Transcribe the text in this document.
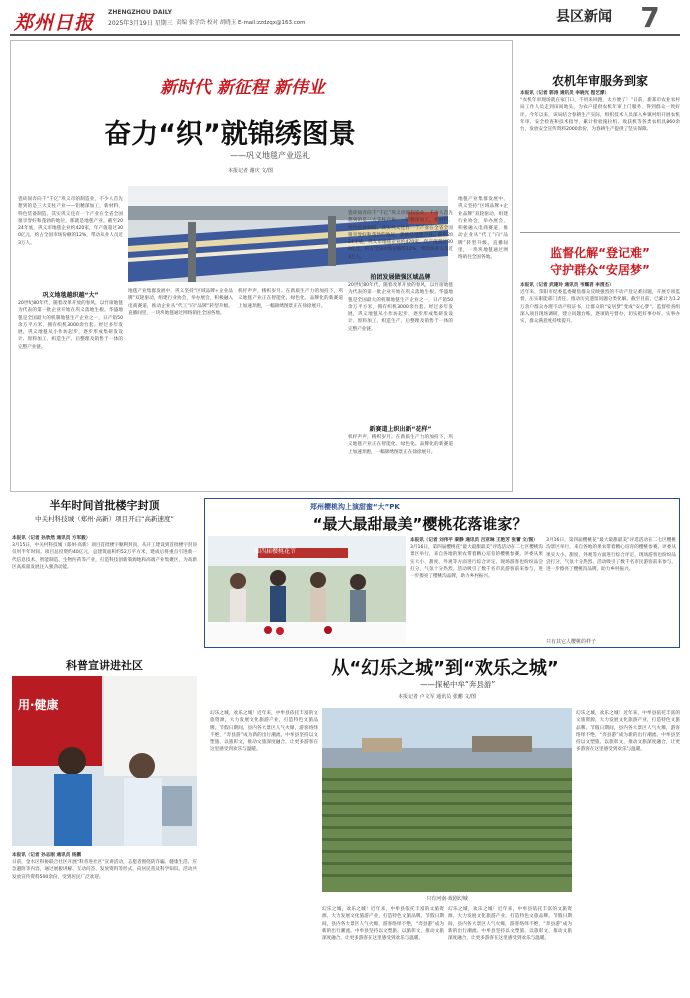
郑州日报 ZHENGZHOU DAILY
2025年3月19日 星期三 责编 张学岱 校对 胡晓玉 E-mail:zzdzqx@163.com	县区新闻	7
新时代 新征程 新伟业
奋力“织”就锦绣图景
——巩义地毯产业巡礼
本报记者 谢庆 文/图
瓷砖间奔向千“千亿”巩义市的制造业，不少人首先想到的是三大支柱产业——铝精深加工，新材料，特色装备制造。其实巩义还有一个产业在全省全国很享誉好和蓬勃的地位，那就是地毯产业。截至2024年底，巩义市地毯企业约420家，年产值超过300亿元，约占全国市场份额的12%，带动从业人员近3万人。
巩义地毯越织越“大”
20世纪80年代，随着改革开放的春风，以竹席地毯为代表的第一批企业开始在巩义落地生根。华盛地毯是全国最大的机制地毯生产企业之一，日产销50余万平方米，拥有织机3000余台套。经过多年发展，巩义地毯从小作坊起步，逐步形成集研发设计、原料加工、织造生产、后整理及销售于一体的完整产业链。
地毯产业集群发展中，巩义坚持“区域品牌+企业品牌”双轮驱动，组建行业协会，举办展会，积极融入电商赛道，推动企业从“代工”向“品牌”转型升级。直播间里，一块块地毯通过网络销往全国各地。
机杼声声，梭织岁月。在新质生产力的加持下，巩义地毯产业正在智能化、绿色化、品牌化的新赛道上加速奔跑，一幅锦绣图景正在徐徐展开。
瓷砖间奔向千“千亿”巩义市的制造业，不少人首先想到的是三大支柱产业——铝精深加工，新材料，特色装备制造。其实巩义还有一个产业在全省全国很享誉好和蓬勃的地位，那就是地毯产业。截至2024年底，巩义市地毯企业约420家，年产值超过300亿元，约占全国市场份额的12%，带动从业人员近3万人。
拍团发展做强区域品牌
20世纪80年代，随着改革开放的春风，以竹席地毯为代表的第一批企业开始在巩义落地生根。华盛地毯是全国最大的机制地毯生产企业之一，日产销50余万平方米，拥有织机3000余台套。经过多年发展，巩义地毯从小作坊起步，逐步形成集研发设计、原料加工、织造生产、后整理及销售于一体的完整产业链。
新赛道上织出新“花样”
机杼声声，梭织岁月。在新质生产力的加持下，巩义地毯产业正在智能化、绿色化、品牌化的新赛道上加速奔跑，一幅锦绣图景正在徐徐展开。
地毯产业集群发展中，巩义坚持“区域品牌+企业品牌”双轮驱动，组建行业协会，举办展会，积极融入电商赛道，推动企业从“代工”向“品牌”转型升级。直播间里，一块块地毯通过网络销往全国各地。
农机年审服务到家
本报讯（记者 郭涛 通讯员 李晓光 程艺濛）
“农机年审现场就在家门口，不用来回跑，太方便了！”日前，新郑市农业农村局工作人员走到田间地头，为农户提供农机年审上门服务，得到群众一致好评。今年以来，该局结合春耕生产实际，组织技术人员深入乡镇村组开展农机年审、安全检查和技术指导，累计检验拖拉机、收获机等各类农机具860余台，发放安全宣传资料2000余份，为春耕生产提供了坚实保障。
监督化解“登记难”
守护群众“安居梦”
本报讯（记者 武建玲 通讯员 韦耀君 李清杰）
近年来，荥阳市纪委监委聚焦群众反映强烈的不动产登记难问题，开展专项监督，压实职能部门责任，推动历史遗留问题分类化解。截至目前，已累计为1.2万余户群众办理不动产权证书，让群众的“安居梦”变成“安心梦”。监督检查组深入项目现场调研，建立问题台账，逐项销号督办，切实把好事办好、实事办实，群众满意度持续提升。
半年时间首批楼宇封顶
中关村科技城（郑州·高新）项目开启“高新速度”
本报讯（记者 孙欣然 通讯员 方军毅）
3月15日，中关村科技城（郑州·高新）项目首批楼宇顺利封顶，从开工建设到首批楼宇封顶仅用半年时间。项目总投资约40亿元，总建筑面积约52万平方米，建成后将重点引进新一代信息技术、智能制造、生物医药等产业，打造科技创新策源地和高端产业集聚区，为高新区高质量发展注入强劲动能。
郑州樱桃沟上演甜蜜“大”PK
“最大最甜最美”樱桃花落谁家？
第四届樱桃花节
本报讯（记者 刘伟平 秦静 通讯员 吕亚琳 王艳芳 张蕾 文/图）
3月16日，第四届樱桃花“最大最甜最美”评选活动在二七区樱桃沟景区举行，来自各地的果农带着精心培育的樱桃参赛。评委从果实大小、甜度、外观等方面进行综合评定，现场游客也纷纷品尝打分，气氛十分热烈。活动吸引了数千名市民游客前来参与，进一步擦亮了樱桃沟品牌，助力乡村振兴。
3月16日，第四届樱桃花“最大最甜最美”评选活动在二七区樱桃沟景区举行，来自各地的果农带着精心培育的樱桃参赛。评委从果实大小、甜度、外观等方面进行综合评定，现场游客也纷纷品尝打分，气氛十分热烈。活动吸引了数千名市民游客前来参与，进一步擦亮了樱桃沟品牌，助力乡村振兴。
只有其它人樱桃的样子
科普宣讲进社区
用·健康
本报讯（记者 孙志刚 通讯员 杨鹏
日前，金水区科协联合社区开展“科普进社区”宣讲活动，志愿者围绕防诈骗、健康生活、应急避险等内容，通过展板讲解、互动问答、发放资料等形式，向居民普及科学知识。活动共发放宣传资料500余份，受到居民广泛欢迎。
从“幻乐之城”到“欢乐之城”
——探秘中牟“奔县游”
本报记者 卢文军 通讯员 张鹏 文/图
幻乐之城，欢乐之城！近年来，中牟县依托丰富的文旅资源，大力发展文化旅游产业，打造特色文旅品牌。节假日期间，县内各大景区人气火爆，游客络绎不绝，“奔县游”成为新的出行潮流。中牟县坚持以文塑旅、以旅彰文，推动文旅深度融合，让更多游客在这里感受到欢乐与温暖。
只有河南·戏剧幻城
幻乐之城，欢乐之城！近年来，中牟县依托丰富的文旅资源，大力发展文化旅游产业，打造特色文旅品牌。节假日期间，县内各大景区人气火爆，游客络绎不绝，“奔县游”成为新的出行潮流。中牟县坚持以文塑旅、以旅彰文，推动文旅深度融合，让更多游客在这里感受到欢乐与温暖。
幻乐之城，欢乐之城！近年来，中牟县依托丰富的文旅资源，大力发展文化旅游产业，打造特色文旅品牌。节假日期间，县内各大景区人气火爆，游客络绎不绝，“奔县游”成为新的出行潮流。中牟县坚持以文塑旅、以旅彰文，推动文旅深度融合，让更多游客在这里感受到欢乐与温暖。
幻乐之城，欢乐之城！近年来，中牟县依托丰富的文旅资源，大力发展文化旅游产业，打造特色文旅品牌。节假日期间，县内各大景区人气火爆，游客络绎不绝，“奔县游”成为新的出行潮流。中牟县坚持以文塑旅、以旅彰文，推动文旅深度融合，让更多游客在这里感受到欢乐与温暖。
